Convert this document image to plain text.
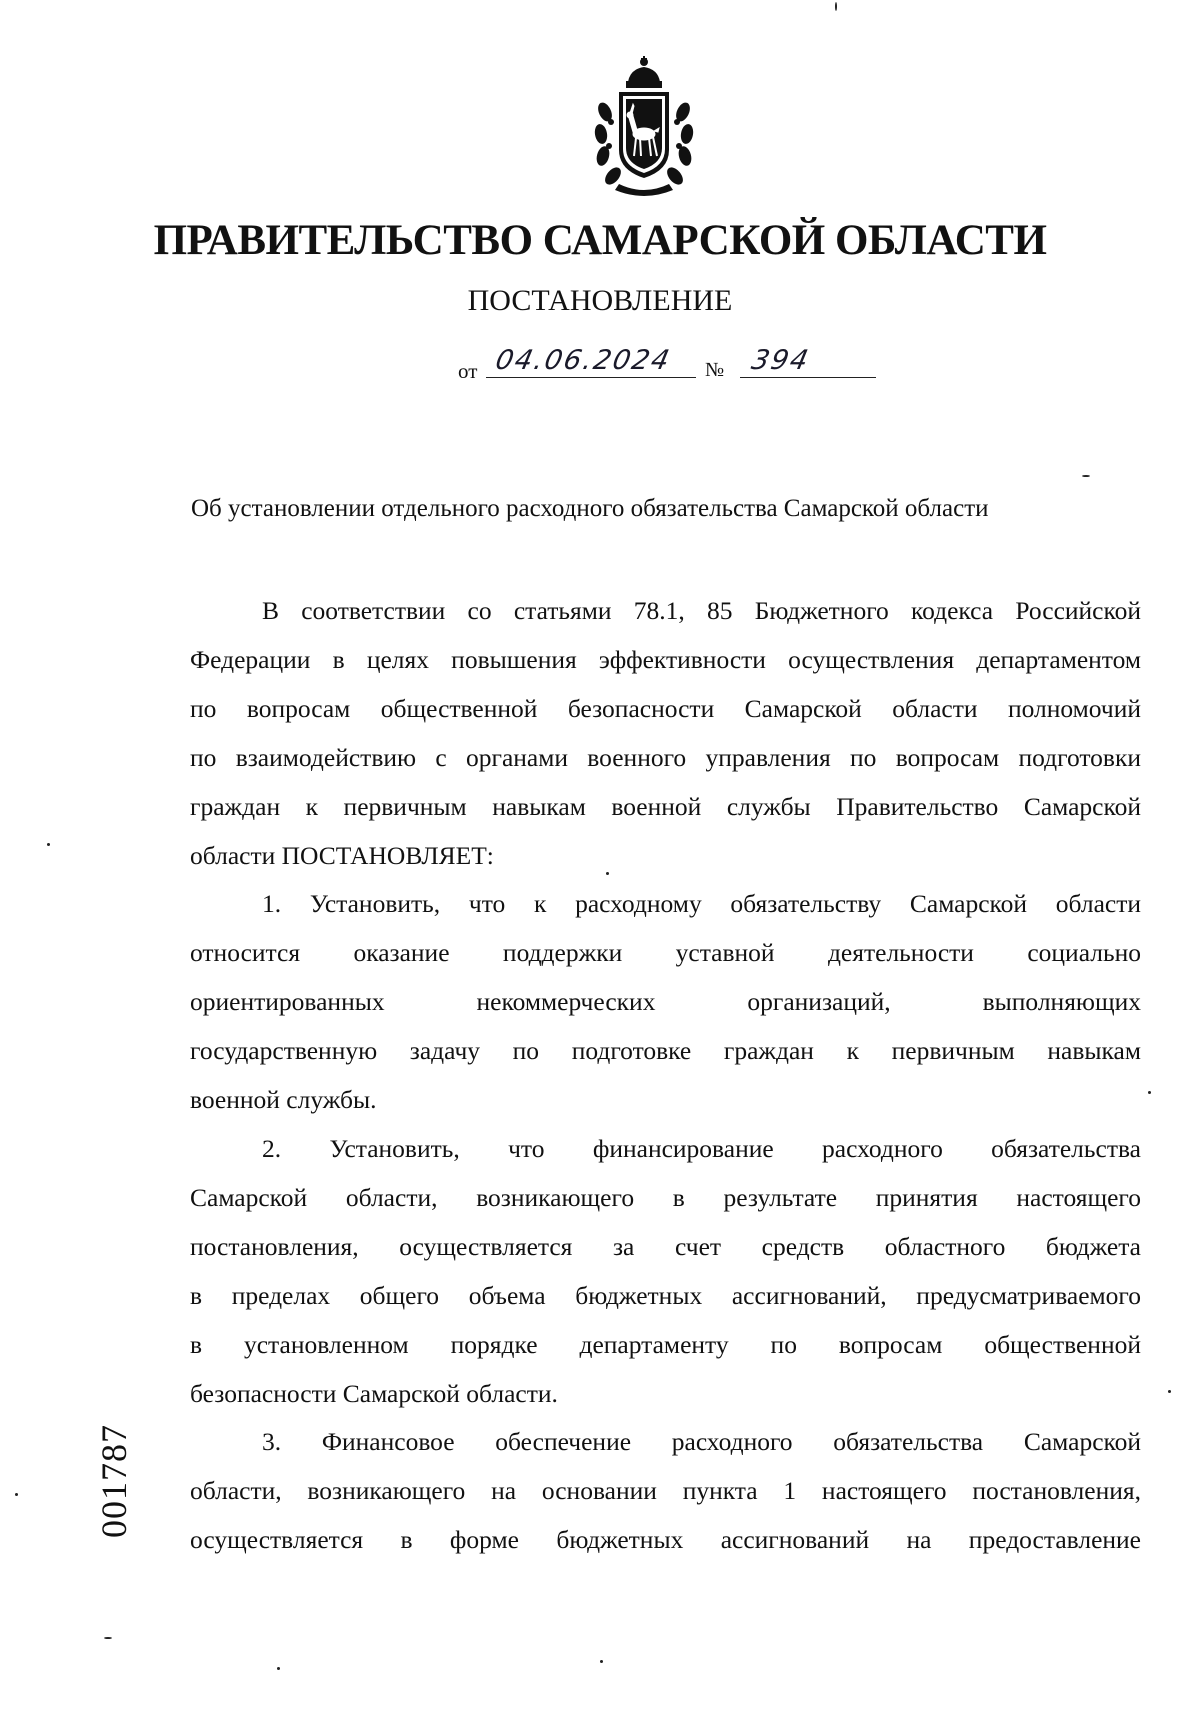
ПРАВИТЕЛЬСТВО САМАРСКОЙ ОБЛАСТИ
ПОСТАНОВЛЕНИЕ
от 04.06.2024 № 394
Об установлении отдельного расходного обязательства Самарской области

В соответствии со статьями 78.1, 85 Бюджетного кодекса Российской
Федерации в целях повышения эффективности осуществления департаментом
по вопросам общественной безопасности Самарской области полномочий
по взаимодействию с органами военного управления по вопросам подготовки
граждан к первичным навыкам военной службы Правительство Самарской
области ПОСТАНОВЛЯЕТ:

1. Установить, что к расходному обязательству Самарской области
относится оказание поддержки уставной деятельности социально
ориентированных некоммерческих организаций, выполняющих
государственную задачу по подготовке граждан к первичным навыкам
военной службы.

2. Установить, что финансирование расходного обязательства
Самарской области, возникающего в результате принятия настоящего
постановления, осуществляется за счет средств областного бюджета
в пределах общего объема бюджетных ассигнований, предусматриваемого
в установленном порядке департаменту по вопросам общественной
безопасности Самарской области.

3. Финансовое обеспечение расходного обязательства Самарской
области, возникающего на основании пункта 1 настоящего постановления,
осуществляется в форме бюджетных ассигнований на предоставление

001787
